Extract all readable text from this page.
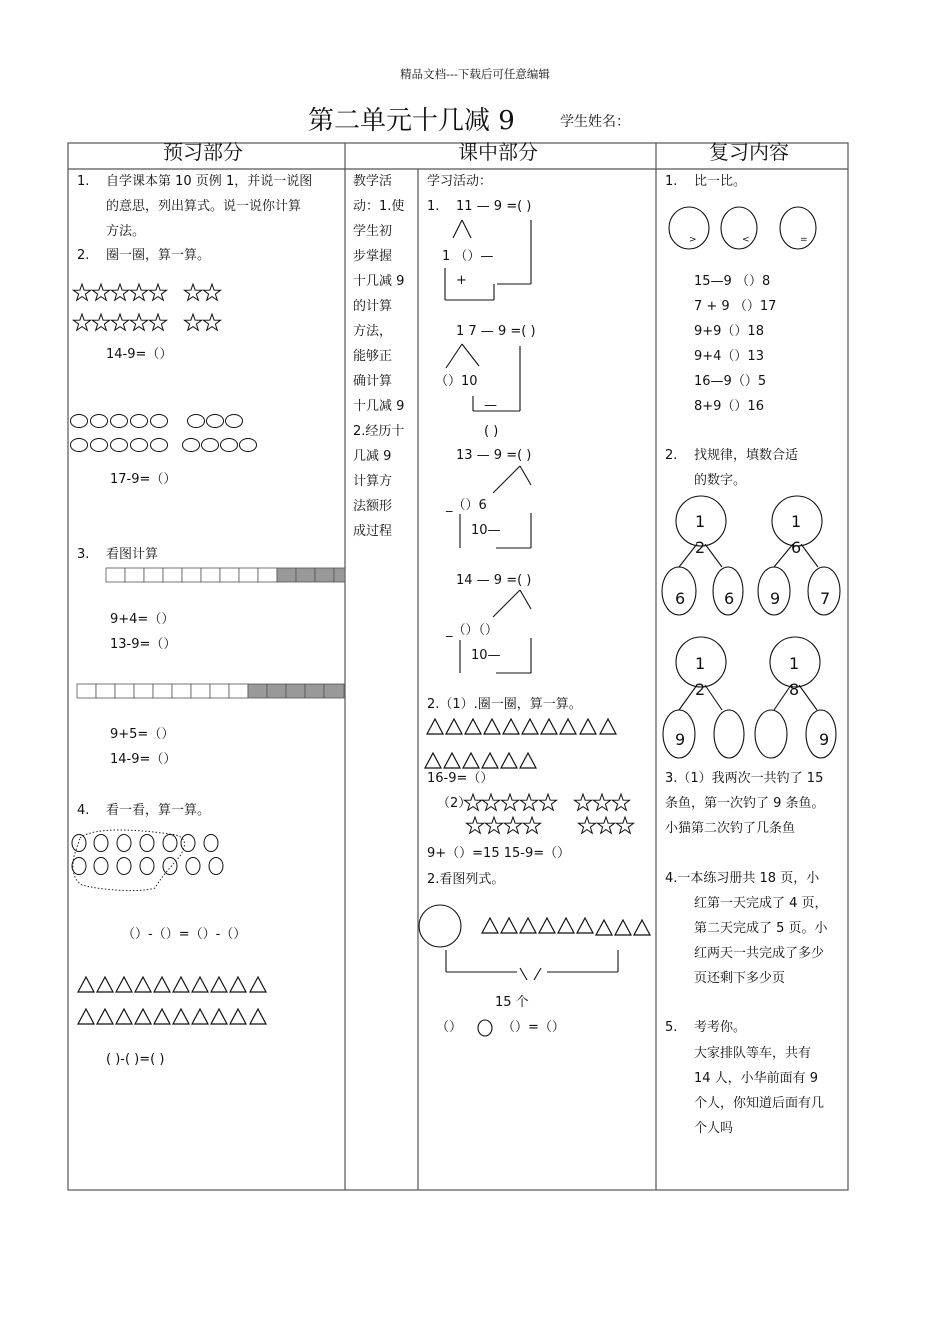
精品文档---下载后可任意编辑
第二单元十几减 9	学生姓名：
预习部分	课中部分	复习内容
1. 自学课本第 10 页例 1，并说一说图
的意思，列出算式。说一说你计算
方法。
2. 圈一圈，算一算。
14-9=（）
17-9=（）
3. 看图计算
9+4=（）
13-9=（）
9+5=（）
14-9=（）
4. 看一看，算一算。
（）-（）=（）-（）
( )-( )=( )
教学活
动：1.使
学生初
步掌握
十几减 9
的计算
方法，
能够正
确计算
十几减 9
2.经历十
几减 9
计算方
法额形
成过程
学习活动：
1. 11 — 9 =( )
1 （）—
+
1 7 — 9 =( )
（）10
—
( )
13 — 9 =( )
_（）6
10—
14 — 9 =( )
_（）（）
10—
2.（1）.圈一圈，算一算。
16-9=（）
（2）
9+（）=15 15-9=（）
2.看图列式。
15 个
（）	（）=（）
1. 比一比。
>	<	=
15—9 （）8
7 + 9 （）17
9+9（）18
9+4（）13
16—9（）5
8+9（）16
2. 找规律，填数合适
的数字。
1
2
6 6
1
6
9 7
1
2
9
1
8
9
3.（1）我两次一共钓了 15
条鱼，第一次钓了 9 条鱼。
小猫第二次钓了几条鱼
4.一本练习册共 18 页，小
红第一天完成了 4 页，
第二天完成了 5 页。小
红两天一共完成了多少
页还剩下多少页
5. 考考你。
大家排队等车，共有
14 人，小华前面有 9
个人，你知道后面有几
个人吗
